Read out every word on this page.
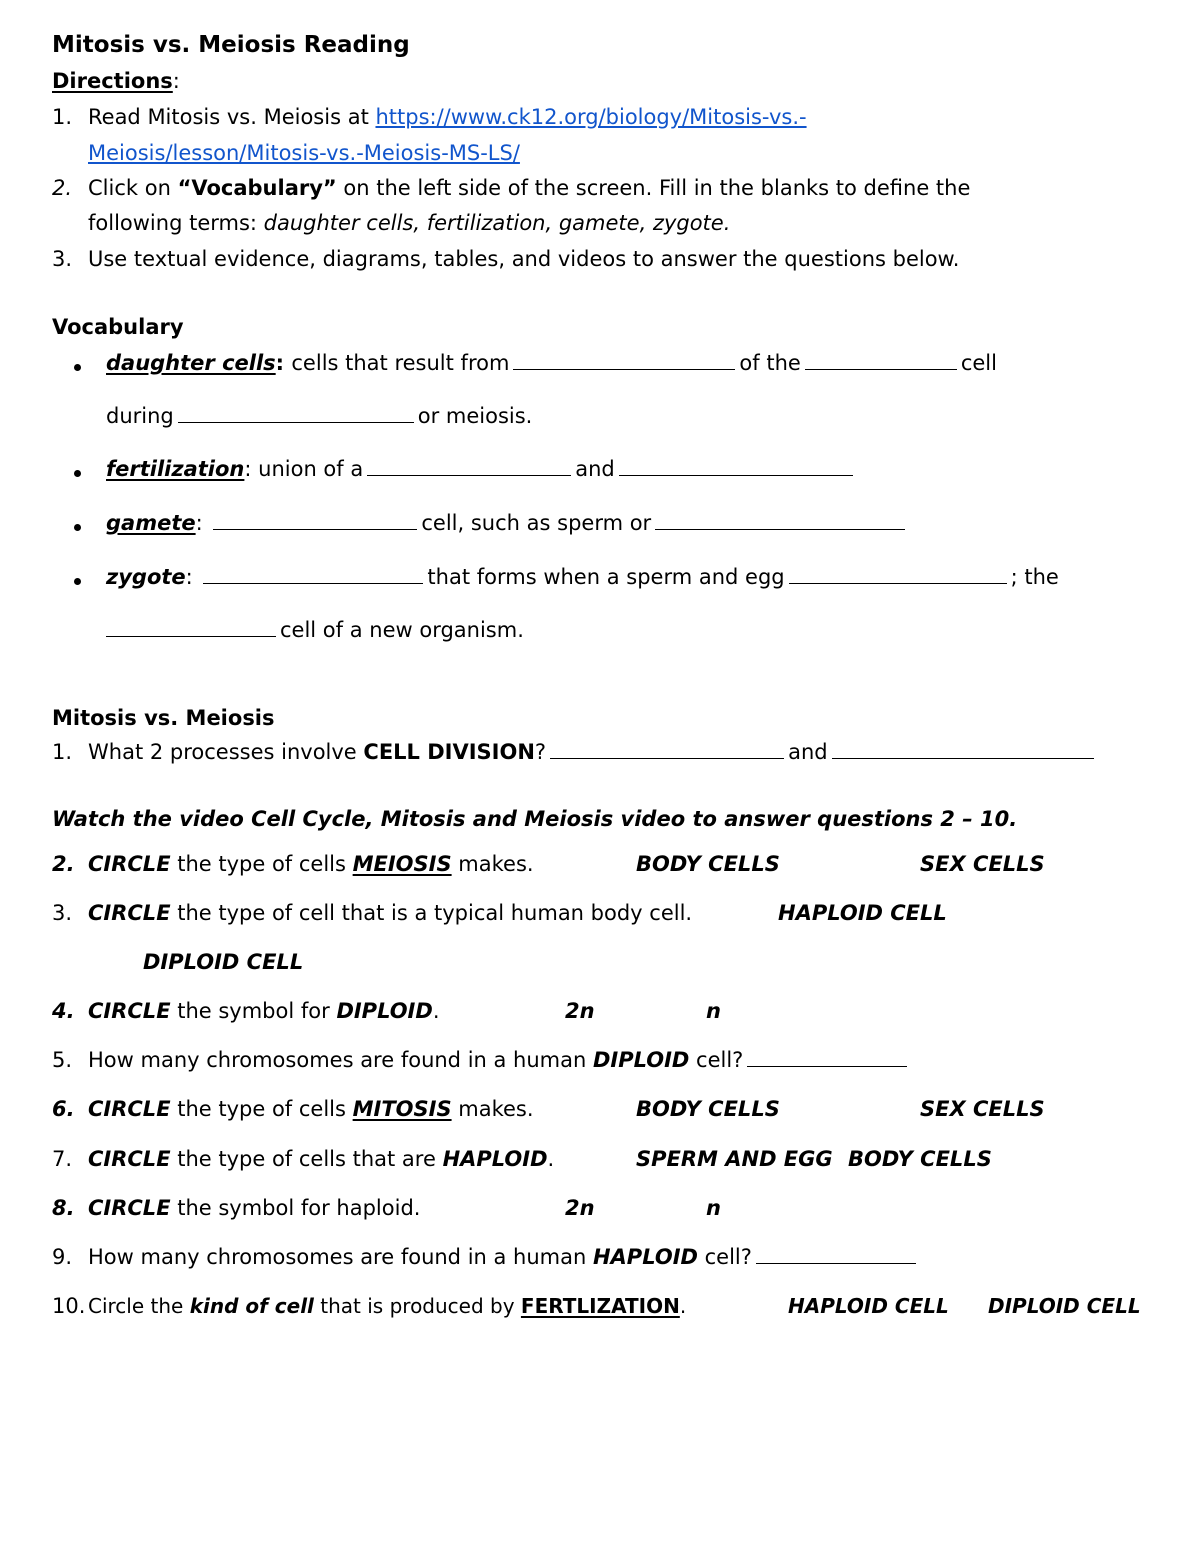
Mitosis vs. Meiosis Reading
Directions:
1. Read Mitosis vs. Meiosis at https://www.ck12.org/biology/Mitosis-vs.-
Meiosis/lesson/Mitosis-vs.-Meiosis-MS-LS/
2. Click on “Vocabulary” on the left side of the screen. Fill in the blanks to define the
following terms: daughter cells, fertilization, gamete, zygote.
3. Use textual evidence, diagrams, tables, and videos to answer the questions below.
Vocabulary
daughter cells: cells that result from	of the	cell
during	or meiosis.
fertilization: union of a	and
gamete:	cell, such as sperm or
zygote:	that forms when a sperm and egg	; the
cell of a new organism.
Mitosis vs. Meiosis
1. What 2 processes involve CELL DIVISION?	and
Watch the video Cell Cycle, Mitosis and Meiosis video to answer questions 2 – 10.
2. CIRCLE the type of cells MEIOSIS makes.	BODY CELLS	SEX CELLS
3. CIRCLE the type of cell that is a typical human body cell.	HAPLOID CELL
DIPLOID CELL
4. CIRCLE the symbol for DIPLOID.	2n	n
5. How many chromosomes are found in a human DIPLOID cell?
6. CIRCLE the type of cells MITOSIS makes.	BODY CELLS	SEX CELLS
7. CIRCLE the type of cells that are HAPLOID.	SPERM AND EGG BODY CELLS
8. CIRCLE the symbol for haploid.	2n	n
9. How many chromosomes are found in a human HAPLOID cell?
10. Circle the kind of cell that is produced by FERTLIZATION.	HAPLOID CELL DIPLOID CELL
